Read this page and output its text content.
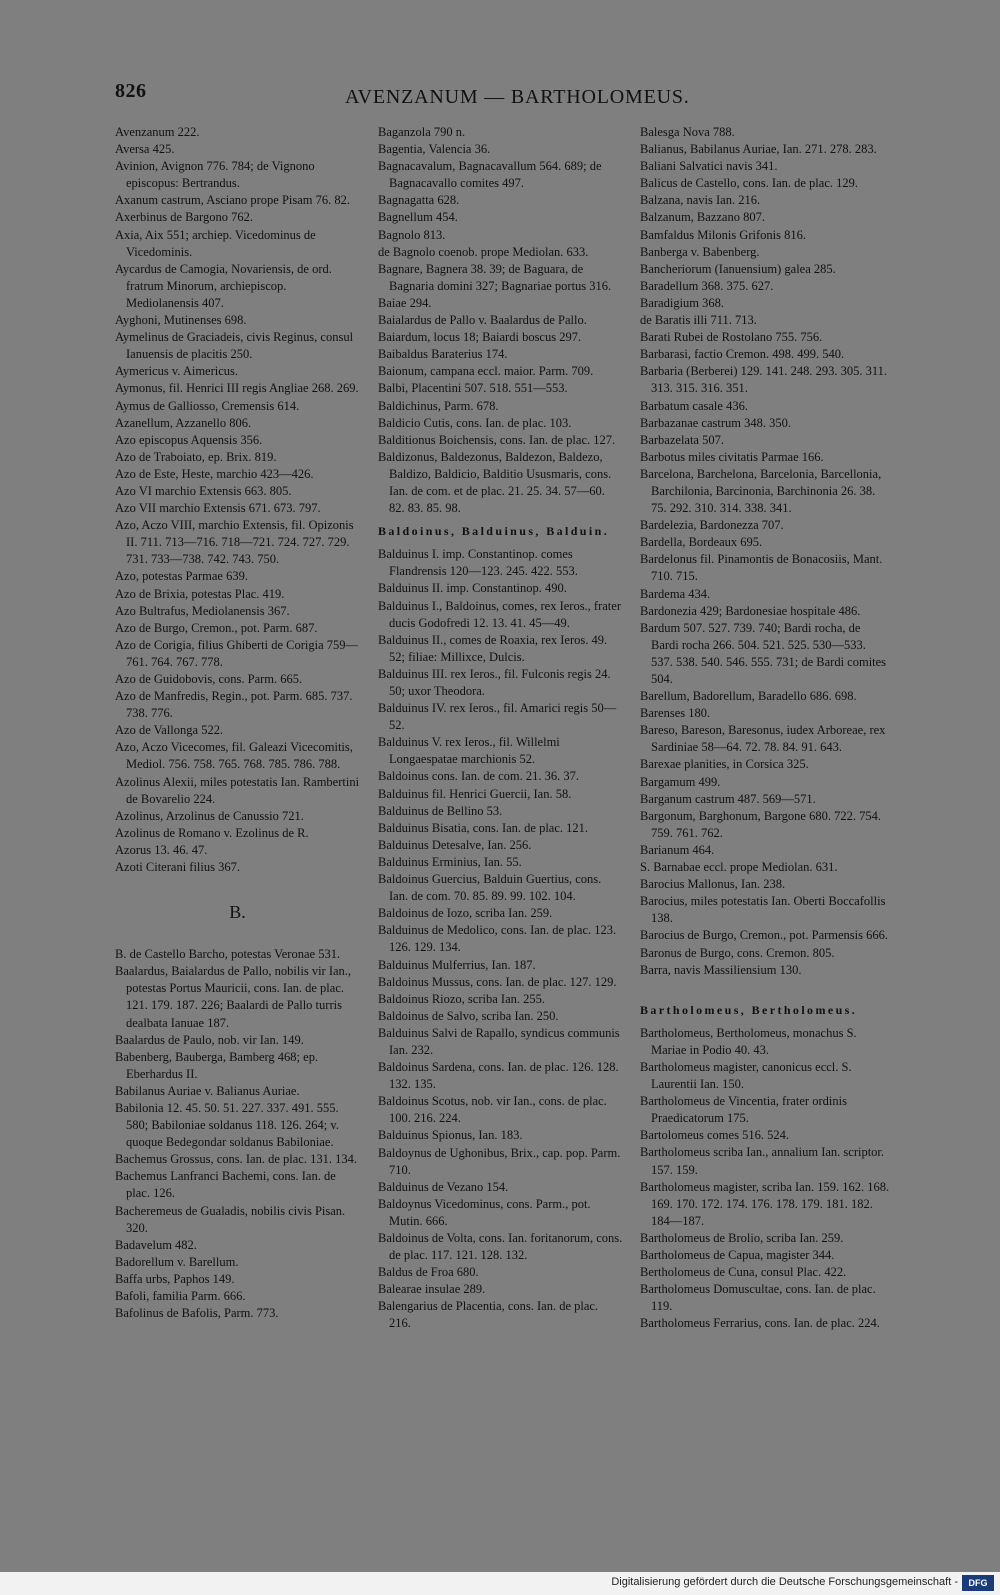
826	AVENZANUM — BARTHOLOMEUS.

Avenzanum 222.

Aversa 425.

Avinion, Avignon 776. 784; de Vignono episcopus: Bertrandus.

Axanum castrum, Asciano prope Pisam 76. 82.

Axerbinus de Bargono 762.

Axia, Aix 551; archiep. Vicedominus de Vicedominis.

Aycardus de Camogia, Novariensis, de ord. fratrum Minorum, archiepiscop. Mediolanensis 407.

Ayghoni, Mutinenses 698.

Aymelinus de Graciadeis, civis Reginus, consul Ianuensis de placitis 250.

Aymericus v. Aimericus.

Aymonus, fil. Henrici III regis Angliae 268. 269.

Aymus de Galliosso, Cremensis 614.

Azanellum, Azzanello 806.

Azo episcopus Aquensis 356.

Azo de Traboiato, ep. Brix. 819.

Azo de Este, Heste, marchio 423—426.

Azo VI marchio Extensis 663. 805.

Azo VII marchio Extensis 671. 673. 797.

Azo, Aczo VIII, marchio Extensis, fil. Opizonis II. 711. 713—716. 718—721. 724. 727. 729. 731. 733—738. 742. 743. 750.

Azo, potestas Parmae 639.

Azo de Brixia, potestas Plac. 419.

Azo Bultrafus, Mediolanensis 367.

Azo de Burgo, Cremon., pot. Parm. 687.

Azo de Corigia, filius Ghiberti de Corigia 759—761. 764. 767. 778.

Azo de Guidobovis, cons. Parm. 665.

Azo de Manfredis, Regin., pot. Parm. 685. 737. 738. 776.

Azo de Vallonga 522.

Azo, Aczo Vicecomes, fil. Galeazi Vicecomitis, Mediol. 756. 758. 765. 768. 785. 786. 788.

Azolinus Alexii, miles potestatis Ian. Rambertini de Bovarelio 224.

Azolinus, Arzolinus de Canussio 721.

Azolinus de Romano v. Ezolinus de R.

Azorus 13. 46. 47.

Azoti Citerani filius 367.

B.

B. de Castello Barcho, potestas Veronae 531.

Baalardus, Baialardus de Pallo, nobilis vir Ian., potestas Portus Mauricii, cons. Ian. de plac. 121. 179. 187. 226; Baalardi de Pallo turris dealbata Ianuae 187.

Baalardus de Paulo, nob. vir Ian. 149.

Babenberg, Bauberga, Bamberg 468; ep. Eberhardus II.

Babilanus Auriae v. Balianus Auriae.

Babilonia 12. 45. 50. 51. 227. 337. 491. 555. 580; Babiloniae soldanus 118. 126. 264; v. quoque Bedegondar soldanus Babiloniae.

Bachemus Grossus, cons. Ian. de plac. 131. 134.

Bachemus Lanfranci Bachemi, cons. Ian. de plac. 126.

Bacheremeus de Gualadis, nobilis civis Pisan. 320.

Badavelum 482.

Badorellum v. Barellum.

Baffa urbs, Paphos 149.

Bafoli, familia Parm. 666.

Bafolinus de Bafolis, Parm. 773.

Baganzola 790 n.

Bagentia, Valencia 36.

Bagnacavalum, Bagnacavallum 564. 689; de Bagnacavallo comites 497.

Bagnagatta 628.

Bagnellum 454.

Bagnolo 813.

de Bagnolo coenob. prope Mediolan. 633.

Bagnare, Bagnera 38. 39; de Baguara, de Bagnaria domini 327; Bagnariae portus 316.

Baiae 294.

Baialardus de Pallo v. Baalardus de Pallo.

Baiardum, locus 18; Baiardi boscus 297.

Baibaldus Baraterius 174.

Baionum, campana eccl. maior. Parm. 709.

Balbi, Placentini 507. 518. 551—553.

Baldichinus, Parm. 678.

Baldicio Cutis, cons. Ian. de plac. 103.

Balditionus Boichensis, cons. Ian. de plac. 127.

Baldizonus, Baldezonus, Baldezon, Baldezo, Baldizo, Baldicio, Balditio Ususmaris, cons. Ian. de com. et de plac. 21. 25. 34. 57—60. 82. 83. 85. 98.

Baldoinus, Balduinus, Balduin.

Balduinus I. imp. Constantinop. comes Flandrensis 120—123. 245. 422. 553.

Balduinus II. imp. Constantinop. 490.

Balduinus I., Baldoinus, comes, rex Ieros., frater ducis Godofredi 12. 13. 41. 45—49.

Balduinus II., comes de Roaxia, rex Ieros. 49. 52; filiae: Millixce, Dulcis.

Balduinus III. rex Ieros., fil. Fulconis regis 24. 50; uxor Theodora.

Balduinus IV. rex Ieros., fil. Amarici regis 50—52.

Balduinus V. rex Ieros., fil. Willelmi Longaespatae marchionis 52.

Baldoinus cons. Ian. de com. 21. 36. 37.

Balduinus fil. Henrici Guercii, Ian. 58.

Balduinus de Bellino 53.

Balduinus Bisatia, cons. Ian. de plac. 121.

Balduinus Detesalve, Ian. 256.

Balduinus Erminius, Ian. 55.

Baldoinus Guercius, Balduin Guertius, cons. Ian. de com. 70. 85. 89. 99. 102. 104.

Baldoinus de Iozo, scriba Ian. 259.

Balduinus de Medolico, cons. Ian. de plac. 123. 126. 129. 134.

Balduinus Mulferrius, Ian. 187.

Baldoinus Mussus, cons. Ian. de plac. 127. 129.

Baldoinus Riozo, scriba Ian. 255.

Baldoinus de Salvo, scriba Ian. 250.

Balduinus Salvi de Rapallo, syndicus communis Ian. 232.

Baldoinus Sardena, cons. Ian. de plac. 126. 128. 132. 135.

Baldoinus Scotus, nob. vir Ian., cons. de plac. 100. 216. 224.

Balduinus Spionus, Ian. 183.

Baldoynus de Ughonibus, Brix., cap. pop. Parm. 710.

Balduinus de Vezano 154.

Baldoynus Vicedominus, cons. Parm., pot. Mutin. 666.

Baldoinus de Volta, cons. Ian. foritanorum, cons. de plac. 117. 121. 128. 132.

Baldus de Froa 680.

Balearae insulae 289.

Balengarius de Placentia, cons. Ian. de plac. 216.

Balesga Nova 788.

Balianus, Babilanus Auriae, Ian. 271. 278. 283.

Baliani Salvatici navis 341.

Balicus de Castello, cons. Ian. de plac. 129.

Balzana, navis Ian. 216.

Balzanum, Bazzano 807.

Bamfaldus Milonis Grifonis 816.

Banberga v. Babenberg.

Bancheriorum (Ianuensium) galea 285.

Baradellum 368. 375. 627.

Baradigium 368.

de Baratis illi 711. 713.

Barati Rubei de Rostolano 755. 756.

Barbarasi, factio Cremon. 498. 499. 540.

Barbaria (Berberei) 129. 141. 248. 293. 305. 311. 313. 315. 316. 351.

Barbatum casale 436.

Barbazanae castrum 348. 350.

Barbazelata 507.

Barbotus miles civitatis Parmae 166.

Barcelona, Barchelona, Barcelonia, Barcellonia, Barchilonia, Barcinonia, Barchinonia 26. 38. 75. 292. 310. 314. 338. 341.

Bardelezia, Bardonezza 707.

Bardella, Bordeaux 695.

Bardelonus fil. Pinamontis de Bonacosiis, Mant. 710. 715.

Bardema 434.

Bardonezia 429; Bardonesiae hospitale 486.

Bardum 507. 527. 739. 740; Bardi rocha, de Bardi rocha 266. 504. 521. 525. 530—533. 537. 538. 540. 546. 555. 731; de Bardi comites 504.

Barellum, Badorellum, Baradello 686. 698.

Barenses 180.

Bareso, Bareson, Baresonus, iudex Arboreae, rex Sardiniae 58—64. 72. 78. 84. 91. 643.

Barexae planities, in Corsica 325.

Bargamum 499.

Barganum castrum 487. 569—571.

Bargonum, Barghonum, Bargone 680. 722. 754. 759. 761. 762.

Barianum 464.

S. Barnabae eccl. prope Mediolan. 631.

Barocius Mallonus, Ian. 238.

Barocius, miles potestatis Ian. Oberti Boccafollis 138.

Barocius de Burgo, Cremon., pot. Parmensis 666.

Baronus de Burgo, cons. Cremon. 805.

Barra, navis Massiliensium 130.

Bartholomeus, Bertholomeus.

Bartholomeus, Bertholomeus, monachus S. Mariae in Podio 40. 43.

Bartholomeus magister, canonicus eccl. S. Laurentii Ian. 150.

Bartholomeus de Vincentia, frater ordinis Praedicatorum 175.

Bartolomeus comes 516. 524.

Bartholomeus scriba Ian., annalium Ian. scriptor. 157. 159.

Bartholomeus magister, scriba Ian. 159. 162. 168. 169. 170. 172. 174. 176. 178. 179. 181. 182. 184—187.

Bartholomeus de Brolio, scriba Ian. 259.

Bartholomeus de Capua, magister 344.

Bertholomeus de Cuna, consul Plac. 422.

Bartholomeus Domuscultae, cons. Ian. de plac. 119.

Bartholomeus Ferrarius, cons. Ian. de plac. 224.

Digitalisierung gefördert durch die Deutsche Forschungsgemeinschaft -	DFG
